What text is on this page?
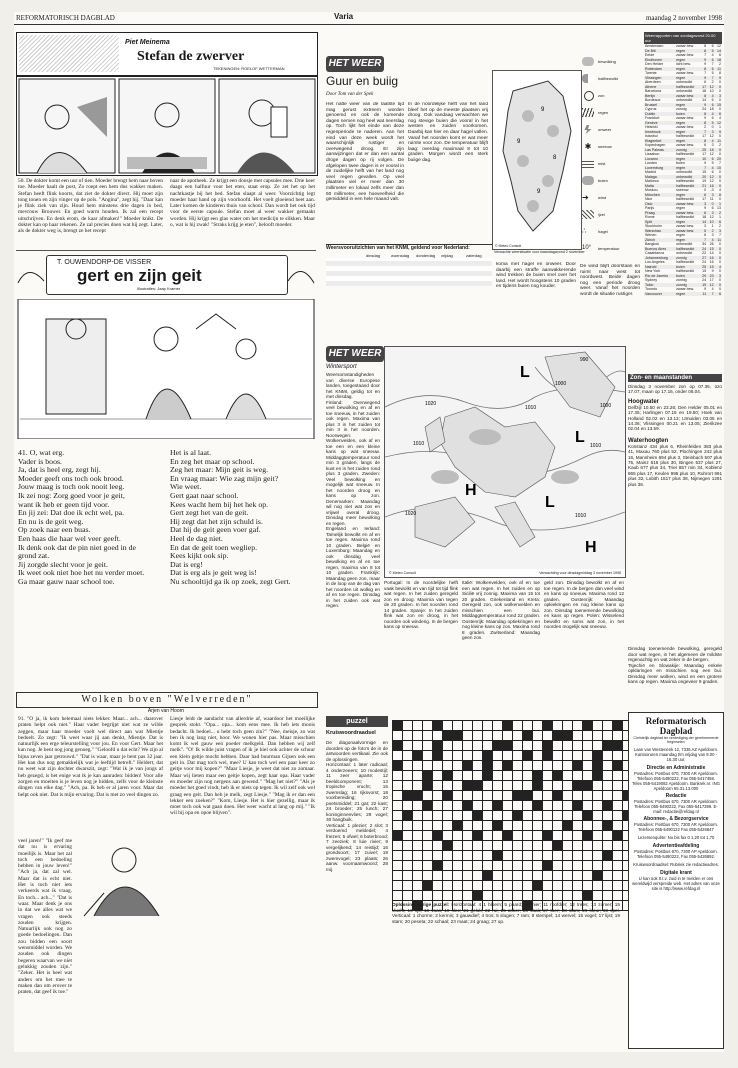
REFORMATORISCH DAGBLAD	Varia	maandag 2 november 1998
Piet Meinema
Stefan de zwerver
TEKENINGEN: ROELOF WETTERMAN
50. De dokter komt een uur of tien. Moeder brengt hem naar boven toe. Moeder haalt de post, Zo roept een hem dus wakker maken. Stefan heeft flink koorts, dat ziet de dokter direct. Hij moet zijn tong tonen en zijn vinger op de pols. "Angina", zegt hij. "Daar kan je flink ziek van zijn. Houd hem minstens drie dagen in bed, mevrouw Brouwer. En goed warm houden. Ik zal een recept uitschrijven. En denk erom, de kaar afmaken!" Moeder knikt. De dokter kan op haar rekenen. Ze zal precies doen wat hij zegt. Later, als de dokter weg is, brengt ze het recept
naar de apotheek. Ze krijgt een doosje met capsules mee. Drie keer daags een halfuur voor het eten, staat erop. Ze zet het op het nachtkastje bij het bed. Stefan slaapt al weer. Voorzichtig legt moeder haar hand op zijn voorhoofd. Het voelt gloeiend heet aan. Later komen de kinderen thuis van school. Dan wordt het ook tijd voor de eerste capsule. Stefan moet al weer wakker gemaakt worden. Hij krijgt een glas water om het medicijn te slikken. Maar o, wat is hij zwak! "Straks krijg je eten", belooft moeder.
T. OUWENDORP-DE VISSER
gert en zijn geit
Illustraties: Jaap Kramer
41. O, wat erg.
Vader is boos.
Ja, dat is heel erg, zegt hij.
Moeder geeft ons toch ook brood.
Jouw maag is toch ook nooit leeg.
Ik zei nog: Zorg goed voor je geit,
want ik heb er geen tijd voor.
En jij zei: Dat doe ik echt wel, pa.
En nu is de geit weg.
Op zoek naar een buas.
Een haas die haar wel veer geeft.
Ik denk ook dat de pin niet goed in de
grond zat.
Jij zorgde slecht voor je geit.
Ik weet ook niet hoe het nu verder moet.
Ga maar gauw naar school toe.
Het is al laat.
En zeg het maar op school.
Zeg het maar: Mijn geit is weg.
En vraag maar: Wie zag mijn geit?
Wie weet.
Gert gaat naar school.
Kees wacht hem bij het hek op.
Gert zegt het van de geit.
Hij zegt dat het zijn schuld is.
Dat hij de geit geen voer gaf.
Heel de dag niet.
En dat de geit toen wegliep.
Kees kijkt ook sip.
Dat is erg!
Dat is erg als je geit weg is!
Nu schooltijd ga ik op zoek, zegt Gert.
Wolken boven "Welverreden"
Arjen van Hoorn
91. "O ja, ik kom helemaal niets lekker. Maar... ach... daarover praten helpt ook niet." Haar vader begrijpt niet wat ze wilde zeggen, maar haar moeder voelt wel direct aan wat Mientje bedoelt. Zo zegt: "Ik weet waar jij aan denkt, Mientje. Dat is natuurlijk een erge teleurstelling voor jou. En voor Gert. Maar het kan nog. Je bent nog jong genoeg." "Geloofd u dat echt? We zijn al bijna zeven jaar getrouwd." "Dat is waar, maar je bent pas 32 jaar. Het kan dus nog gemakkelijk wat je leeftijd betreft." Heldert, dat nu weet wat zijn dochter dwarszit, zegt: "Wat ik je van jongs af heb gezegd, is het enige wat ik je kan aanraden: bidden! Voor alle zorgen en moeiten is je leven nog je bidden, zelfs voor de kleinste dingen van elke dag." "Ach, pa. Ik heb er al jaren voor. Maar dat helpt ook niet. Dat is mijn ervaring. Dat is met zo veel dingen zo.
veel jaren!" "Ik geef me dat nu is ervaring moeilijk is. Maar het zal toch een bedoeling hebben in jouw leven!" "Ach ja, dat zal wel. Maar dat is echt niet. Het is toch niet iets verkeerds wat ik vraag. En toch... ach..." "Dat is waar. Maar denk je ons in dat we alles wat we vragen ook steeds zouden krijgen. Natuurlijk ook nog zo goede bedoelingen. Dan zou bidden een soort wensmiddel worden. We zouden ook dingen begeren waarvan we niet gelukkig zouden zijn." "Zeker. Het is heel wat anders om het mee te maken dan om erover te praten, dat geef ik toe."
Liesje leidt de aandacht van allerdrie af, waardoor het moeilijke gesprek stokt. "Opa... opa... kom eens mee. Ik heb iets moois bedacht. Ik bedoel... u hebt toch geen zin?" "Nee, meisje, zo wat ben ik nog lang niet, hoor. We wonen hier pas. Maar misschien komt ik wel gauw een poeder melkgeld. Dan hebben wij zelf melk". "O! Ik wilde juist vragen of ik je hiel ook achter de schuur een klein geitje mocht hebben. Daar had buurman Gijsen ook een geit in. Dat mag toch wel, mee? U kan toch wel een paar keer zo geitje voor mij kopen?" "Maar Liesje, je weet dat niet zo zomaar. Maar wij lieten maar een geitje kopen, zegt haar opa. Haar vader en moeder zijn nog nergens aan gewend." "Mag het niet?" "Als je moeder het goed vindt, heb ik er niets op tegen. Ik wil zelf ook wel graag een geit. Dan heb je melk, zegt Liesje." "Mag ik er dan een lekker een zoeken?" "Kom, Liesje. Het is hier gezellig, maar ik moet toch ook wat gaan doen. Het weer wacht al lang op mij." "Ik wil bij opa en opoe blijven".
HET WEER
Guur en buiig
Door Tom van der Spek
Het natte weer van de laatste tijd mag gerust extreem worden genoemd en ook de komende dagen nemen nog heel wat neerslag op. Toch lijkt het einde van deze regenperiode te naderen. Aan het eind van deze week wordt het waarschijnlijk rustiger en overwegend droog. Er zijn aanwijzingen dat er dan een aantal droge dagen op rij volgen. De afgelopen twee dagen is er vooral in de zuidelijke helft van het land nog veel regen gevallen. Op veel plaatsen viel er meer dan 30 millimeter en lokaal zelfs meer dan 50 millimeter, een hoeveelheid die gemiddeld in een hele maand valt.
In de noordelijke helft van het land bleef het op de meeste plaatsen vrij droog. Ook vandaag verwachten we nog stevige buien die vooral in het westen en zuiden voorkomen. Daarbij kan hier en daar hagel vallen. Vanaf het noorden komt er wat meer ruimte voor zon. De temperatuur blijft laag: overdag maximaal 8 tot 10 graden. Morgen wordt een sterk buiige dag.
9
9
8
9
© Meteo Consult
Verwachte weersituatie voor maandagavond 2 november
bewolking
halfbewolkt
zon
regen
onweer
✱	sneeuw
mist
buien
➔	wind
ijzel
∴	hagel
10°	temperatuur
Weerrapporten van zondagavond 20.00 uur
Amsterdam	zwaar bew.	8	6	12
De Bilt	regen	8	5	14
Eelde	zwaar bew.	7	4	6
Eindhoven	regen	9	6	18
Den Helder	licht bew.	9	7	2
Rotterdam	regen	8	6	11
Twente	zwaar bew.	7	5	8
Vlissingen	regen	9	7	9
Aberdeen	onbewolkt	6	2	0
Athene	halfbewolkt	17	12	0
Barcelona	onbewolkt	18	10	0
Berlijn	zwaar bew.	8	4	3
Bordeaux	onbewolkt	14	6	0
Brussel	regen	9	6	15
Cyprus	zonnig	24	18	0
Dublin	buien	8	4	6
Frankfurt	zwaar bew.	9	6	4
Genève	regen	8	5	12
Helsinki	zwaar bew.	2	0	1
Innsbruck	regen	7	3	9
Istanbul	halfbewolkt	17	12	0
Klagenfurt	regen	8	4	11
Kopenhagen	zwaar bew.	6	3	2
Las Palmas	zonnig	25	18	0
Lissabon	halfbewolkt	17	12	0
Locarno	regen	10	6	20
Londen	buien	9	5	7
Luxemburg	regen	7	4	10
Madrid	onbewolkt	15	6	0
Malaga	onbewolkt	20	12	0
Mallorca	halfbewolkt	19	12	0
Malta	halfbewolkt	21	16	0
Moskou	sneeuw	0	-3	4
München	regen	6	3	8
Nice	halfbewolkt	17	11	0
Oslo	zwaar bew.	3	0	1
Parijs	regen	9	6	13
Praag	zwaar bew.	6	3	2
Rome	halfbewolkt	18	12	1
Split	regen	14	10	6
Stockholm	zwaar bew.	3	1	2
Warschau	zwaar bew.	5	2	3
Wenen	regen	6	3	7
Zürich	regen	7	4	11
Bangkok	onbewolkt	34	26	0
Buenos Aires	halfbewolkt	24	15	0
Casablanca	onbewolkt	22	14	0
Johannesburg	zonnig	27	16	0
Los Angeles	halfbewolkt	24	16	0
Nairobi	buien	25	15	4
New York	halfbewolkt	15	9	0
Rio de Janeiro	buien	29	23	3
Sydney	zonnig	24	17	0
Tokio	zonnig	19	12	0
Toronto	zwaar bew.	9	4	0
Vancouver	regen	11	7	6
Weersvooruitzichten van het KNMI, geldend voor Nederland:
dinsdag	woensdag	donderdag	vrijdag	zaterdag
koma met hagel en onweer. Door daarbij een straffe aanwakkerende wind trekken de buien snel over het land. Het wordt hoogstens 10 graden en tijdens buien nog kouder.
De wind blijft doorstaan en ruimt naar west tot noordwest. Beide dagen nog een periode droog weer. Vanaf het noorden wordt de situatie rustiger.
HET WEER
Wintersport
Weersomstandigheden van diverse Europese landen, toegestaand door het KNMI, geldig tot en met dinsdag.
Finland: Overwegend veel bewolking en af en toe sneeuw, in het zuiden ook regen. Maxima van plus 3 in het zuiden tot min 3 in het noorden. Noorwegen: Wolkenvelden, ook af en toe een en een kleine kans op wat sneeuw. Middaggtemperatuur rond min 3 graden, langs de kust en in het zuiden rond plus 3 graden. Zweden: Veel bewolking en mogelijk wat sneeuw. In het noorden droog en kans op zon. Denemarken: Maandag wil nog niet wat zon en vrijwel overal droog. Dinsdag meer bewolking en regen.
Engeland en Ierland: Tamelijk bewolkt en af en toe regen. Maxima rond 10 graden. België en Luxemburg: Maandag en ook dinsdag veel bewolking en af en toe regen, maxima van 8 tot 10 graden. Frankrijk: Maandag geen zon, maar in de loop van de dag van het noorden uit wolkig en af en toe regen. Dinsdag in het zuiden ook wat regen.
1020
1010
1000
1010
1020	1010
1010	1000
990
L
L
H
L
H
© Meteo Consult	Verwachting voor dinsdagmiddag 3 november 1998
Portugal: In de noordelijke helft vaak bewolkt en van tijd tot tijd flink wat regen. In het zuiden geregeld zon en droog. Maxima van tegen de 20 graden. In het noorden rond 14 graden. Spanje: In het zuiden flink wat zon en droog, in het noorden ook winderig. In de bergen kans op sneeuw.
Italië: Wolkenvelden, ook af en toe een wat regen. In het zuiden en op Sicilië vrij zonnig. Maxima van 15 tot 20 graden. Griekenland en Kreta: Geregeld zon, ook wolkenvelden en misschien een bui. Middaggtemperatuur rond 22 graden. Oostenrijk: Maandag optiekringen en nog kleine kans op zon. Maxima rond 8 graden. Zwitserland: Maandag geen zon.
geld zon. Dinsdag bewolkt en af en toe regen. In de bergen dan veel wind en kans op sneeuw. Maxima rond 12 graden. Oostenrijk: Maandag opkiekringen en nog kleine kans op zon. Dinsdag toenemende bewolking en kans op regen. Polen: Wisselend bewolkt en soms wat zon, in het noorden mogelijk wat sneeuw.
Zon- en maanstanden
Dinsdag 3 november zon op 07.35, ozo 17.07, maan op 17.16, onder 06.04.
Hoogwater
Delfzijl 10.50 en 23.26; Den Helder 05.01 en 17.35; Harlingen 07.15 en 19.50; Hoek van Holland 02.02 en 13.13; IJmuiden 03.05 en 14.36; Vlissingen 00.21 en 13.05; Zierikzee 02.04 en 13.59.
Waterhoogten
Konstanz 434 plus 6, Rheinfelden 383 plus 41, Maxau 760 plus 52, Plochingen 242 plus 16, Mannheim 694 plus 3, Steinbach 507 plus 75, Mainz 616 plus 30, Bingen 537 plus 27, Kaub 677 plus 34, Trier 857 min 34, Koblenz 865 plus 17, Keulen 995 plus 10, Ruhrort 991 plus 32, Lobith 1517 plus 38, Nijmegen 1291 plus 36.
Dinsdag toenemende bewolking, geregeld door wat regen, in het algemeen de mildste regenachtig en wat zeker in de bergen.
Tsjechië en Slowakije: Maandag enkele opklaringen en misschien nog een bui. Dinsdag meer wolken, wind en een grotere kans op regen. Maxima ongeveer 9 graden.
puzzel
Kruiswoordraadsel
De diagonaalvormige en doordes op de foto's de in de antwoorden vertikaal. Zie ook de oplossingen.
Horizontaal: 1 later radicaal; 4 onderzeeers; 10 modestijl; 11 zeer aparte; 12 beeldcomponent; 13 tropische vrucht; 15 zwemslag; 16 rijksvorst; 18 voorbereiding; 20 poetsmiddel; 21 gat; 22 kast; 24 broeder; 25 lunch; 27 koninginnenvlies; 29 vogel; 30 hangbuik.
Verticaal: 1 plezier; 2 slot; 3 verdoemd meldedel; 4 friezen; 5 ofwel; 6 boterbrood; 7 zeeziek; 8 luie rivier; 9 vergelijkend; 14 reistijd; 16 grondsoort; 17 zuivel; 19 zwemvogel; 23 plaats; 26 aanw. voornaamwoord; 28 mij.

Oplossing vorige puzzel: Horizontaal: 4 1 bloem; 5 paard; 10 nier; 11 roofdier; 12 trees; 13 zomer; 15 vlucht; 16 rijk; 18 vaas; 19 slee; 21 geluk; 22 rui; 25 anker; 26 vaak; 27 toer; 28 stam; 29 kleur; 30 spel. Verticaal: 1 chorme; 2 kermis; 3 gauwdief; 4 tros; 5 slogen; 7 ram; 8 stempel; 14 wervel; 15 vogel; 17 lijst; 19 stam; 20 peseta; 22 schaal; 23 maat; 24 graag; 27 op.
Reformatorisch Dagblad
Christelijk dagblad ter verdediging der gereformeerde beginselen
Laan van Westenenk 12, 7336 AZ Apeldoorn. Kantooruren maandag t/m vrijdag van 8.00 - 16.30 uur.
Directie en Administratie
Postadres: Postbus 670, 7300 AR Apeldoorn. Telefoon 055-5490222, Fax 055-5417458. Telex 055-5419082 Apeldoorn. Bankrek.nr. ING Apeldoorn 65.31.13.000
Redactie
Postadres: Postbus 670, 7300 AR Apeldoorn. Telefoon 055-5490222, Fax 055-5417399. E-mail: redactie@refdag.nl
Abonnee-, & Bezorgservice
Postadres: Postbus 670, 7300 AR Apeldoorn. Telefoon 055-5490122 Fax 055-5426847
Lezersenquête: Nu bis fax 0 1,20 tot 1,70
Advertentieafdeling
Postadres: Postbus 670, 7300 AP Apeldoorn. Telefoon 055-5490222, Fax 055-5426892.
Kruiswoordraadsel: Rubriek zie redactieadres.
Digitale krant
U kan ook 0.t.v. zuid in te melden er ons wereldwijd verspreide web. Het adres van onze site is http://www.refdag.nl
